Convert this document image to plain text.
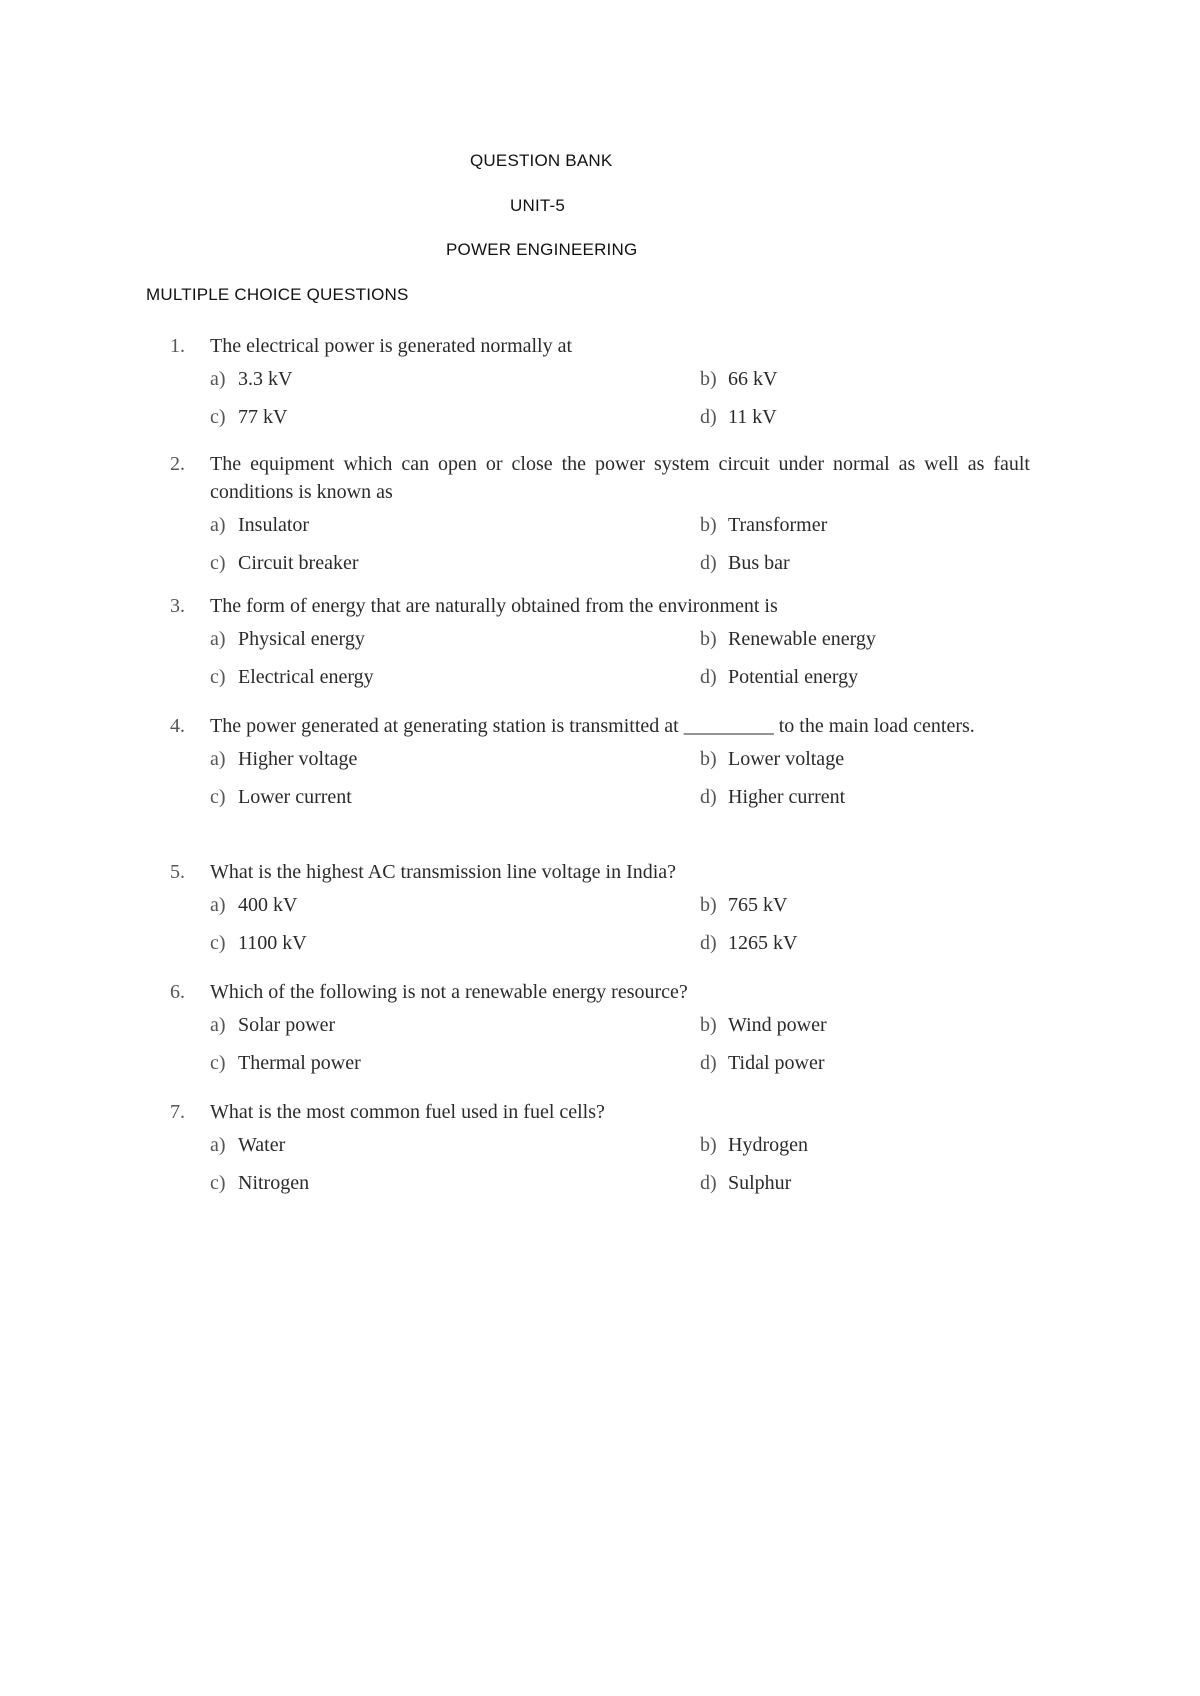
QUESTION BANK
UNIT-5
POWER ENGINEERING
MULTIPLE CHOICE QUESTIONS
1. The electrical power is generated normally at
a) 3.3 kV	b) 66 kV
c) 77 kV	d) 11 kV
2. The equipment which can open or close the power system circuit under normal as well as fault conditions is known as
a) Insulator	b) Transformer
c) Circuit breaker	d) Bus bar
3. The form of energy that are naturally obtained from the environment is
a) Physical energy	b) Renewable energy
c) Electrical energy	d) Potential energy
4. The power generated at generating station is transmitted at _________ to the main load centers.
a) Higher voltage	b) Lower voltage
c) Lower current	d) Higher current
5. What is the highest AC transmission line voltage in India?
a) 400 kV	b) 765 kV
c) 1100 kV	d) 1265 kV
6. Which of the following is not a renewable energy resource?
a) Solar power	b) Wind power
c) Thermal power	d) Tidal power
7. What is the most common fuel used in fuel cells?
a) Water	b) Hydrogen
c) Nitrogen	d) Sulphur
